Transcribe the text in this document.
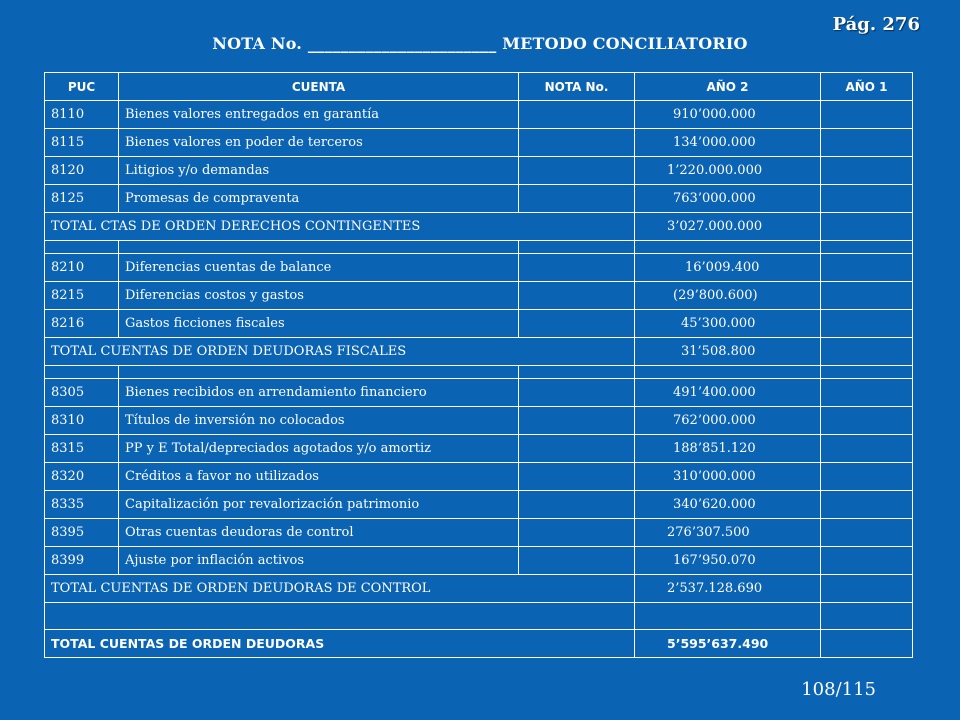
Pág. 276
NOTA No. _______________________ METODO CONCILIATORIO
PUC	CUENTA	NOTA No.	AÑO 2	AÑO 1
8110	Bienes valores entregados en garantía		910’000.000	
8115	Bienes valores en poder de terceros		134’000.000	
8120	Litigios y/o demandas		1’220.000.000	
8125	Promesas de compraventa		763’000.000	
TOTAL CTAS DE ORDEN DERECHOS CONTINGENTES			3’027.000.000	

8210	Diferencias cuentas de balance		16’009.400	
8215	Diferencias costos y gastos		(29’800.600)	
8216	Gastos ficciones fiscales		45’300.000	
TOTAL CUENTAS DE ORDEN DEUDORAS FISCALES			31’508.800	

8305	Bienes recibidos en arrendamiento financiero		491’400.000	
8310	Títulos de inversión no colocados		762’000.000	
8315	PP y E Total/depreciados agotados y/o amortiz		188’851.120	
8320	Créditos a favor no utilizados		310’000.000	
8335	Capitalización por revalorización patrimonio		340’620.000	
8395	Otras cuentas deudoras de control		276’307.500	
8399	Ajuste por inflación activos		167’950.070	
TOTAL CUENTAS DE ORDEN DEUDORAS DE CONTROL			2’537.128.690	

TOTAL CUENTAS DE ORDEN DEUDORAS			5’595’637.490	
108/115
